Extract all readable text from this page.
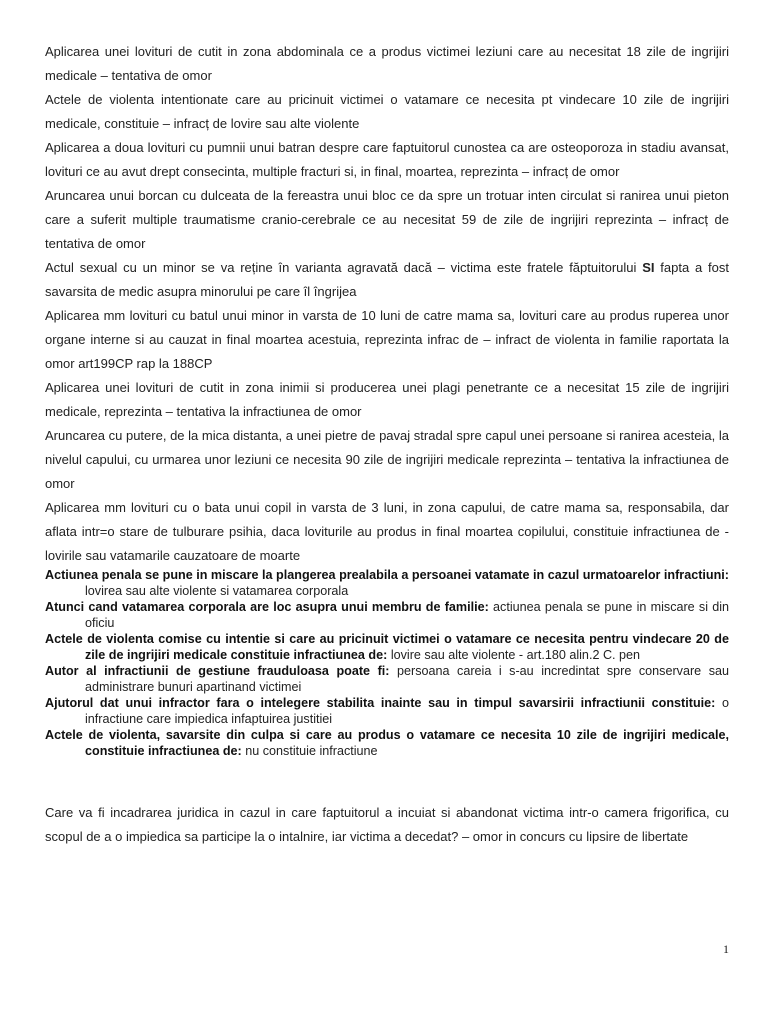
Aplicarea unei lovituri de cutit in zona abdominala ce a produs victimei leziuni care au necesitat 18 zile de ingrijiri medicale – tentativa de omor

Actele de violenta intentionate care au pricinuit victimei o vatamare ce necesita pt vindecare 10 zile de ingrijiri medicale, constituie – infracț de lovire sau alte violente

Aplicarea a doua lovituri cu pumnii unui batran despre care faptuitorul cunostea ca are osteoporoza in stadiu avansat, lovituri ce au avut drept consecinta, multiple fracturi si, in final, moartea, reprezinta – infracț de omor

Aruncarea unui borcan cu dulceata de la fereastra unui bloc ce da spre un trotuar inten circulat si ranirea unui pieton care a suferit multiple traumatisme cranio-cerebrale ce au necesitat 59 de zile de ingrijiri reprezinta – infracț de tentativa de omor

Actul sexual cu un minor se va reține în varianta agravată dacă – victima este fratele făptuitorului SI fapta a fost savarsita de medic asupra minorului pe care îl îngrijea

Aplicarea mm lovituri cu batul unui minor in varsta de 10 luni de catre mama sa, lovituri care au produs ruperea unor organe interne si au cauzat in final moartea acestuia, reprezinta infrac de – infract de violenta in familie raportata la omor art199CP rap la 188CP

Aplicarea unei lovituri de cutit in zona inimii si producerea unei plagi penetrante ce a necesitat 15 zile de ingrijiri medicale, reprezinta – tentativa la infractiunea de omor

Aruncarea cu putere, de la mica distanta, a unei pietre de pavaj stradal spre capul unei persoane si ranirea acesteia, la nivelul capului, cu urmarea unor leziuni ce necesita 90 zile de ingrijiri medicale reprezinta – tentativa la infractiunea de omor

Aplicarea mm lovituri cu o bata unui copil in varsta de 3 luni, in zona capului, de catre mama sa, responsabila, dar aflata intr=o stare de tulburare psihia, daca loviturile au produs in final moartea copilului, constituie infractiunea de - lovirile sau vatamarile cauzatoare de moarte

Actiunea penala se pune in miscare la plangerea prealabila a persoanei vatamate in cazul urmatoarelor infractiuni: lovirea sau alte violente si vatamarea corporala

Atunci cand vatamarea corporala are loc asupra unui membru de familie: actiunea penala se pune in miscare si din oficiu

Actele de violenta comise cu intentie si care au pricinuit victimei o vatamare ce necesita pentru vindecare 20 de zile de ingrijiri medicale constituie infractiunea de: lovire sau alte violente - art.180 alin.2 C. pen

Autor al infractiunii de gestiune frauduloasa poate fi: persoana careia i s-au incredintat spre conservare sau administrare bunuri apartinand victimei

Ajutorul dat unui infractor fara o intelegere stabilita inainte sau in timpul savarsirii infractiunii constituie: o infractiune care impiedica infaptuirea justitiei

Actele de violenta, savarsite din culpa si care au produs o vatamare ce necesita 10 zile de ingrijiri medicale, constituie infractiunea de: nu constituie infractiune

Care va fi incadrarea juridica in cazul in care faptuitorul a incuiat si abandonat victima intr-o camera frigorifica, cu scopul de a o impiedica sa participe la o intalnire, iar victima a decedat? – omor in concurs cu lipsire de libertate

1
